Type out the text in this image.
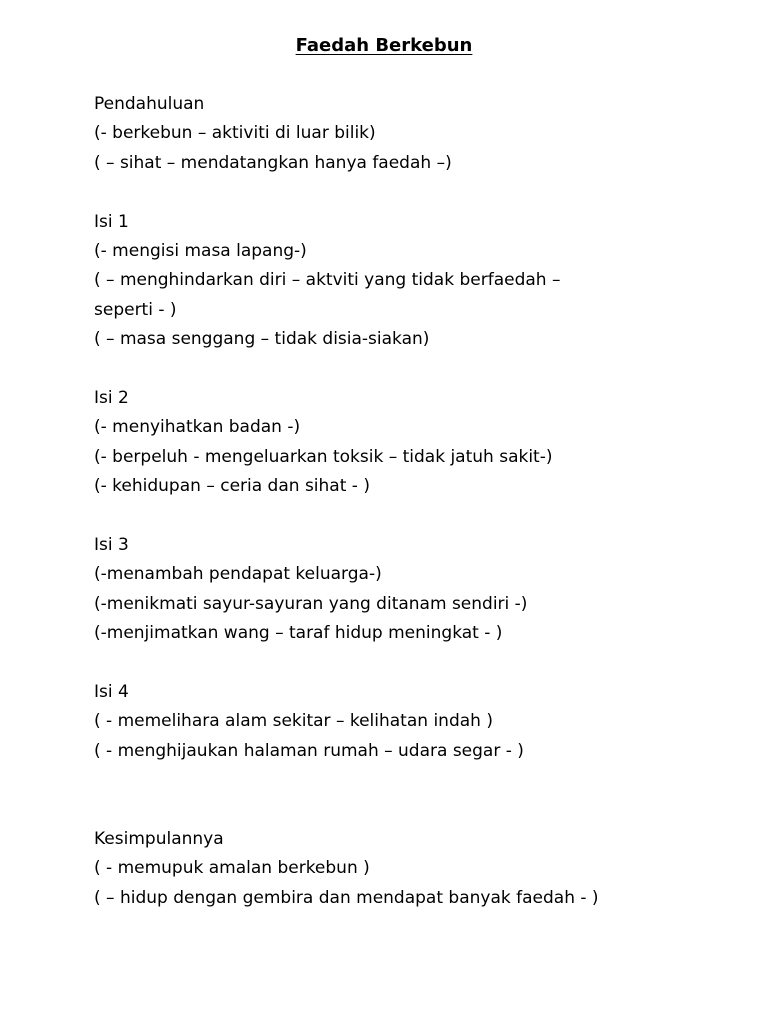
Faedah Berkebun
Pendahuluan
(- berkebun – aktiviti di luar bilik)
( – sihat – mendatangkan hanya faedah –)
Isi 1
(- mengisi masa lapang-)
( – menghindarkan diri – aktviti yang tidak berfaedah –
seperti - )
( – masa senggang – tidak disia-siakan)
Isi 2
(- menyihatkan badan -)
(- berpeluh - mengeluarkan toksik – tidak jatuh sakit-)
(- kehidupan – ceria dan sihat - )
Isi 3
(-menambah pendapat keluarga-)
(-menikmati sayur-sayuran yang ditanam sendiri -)
(-menjimatkan wang – taraf hidup meningkat - )
Isi 4
( - memelihara alam sekitar – kelihatan indah )
( - menghijaukan halaman rumah – udara segar - )
Kesimpulannya
( - memupuk amalan berkebun )
( – hidup dengan gembira dan mendapat banyak faedah - )
